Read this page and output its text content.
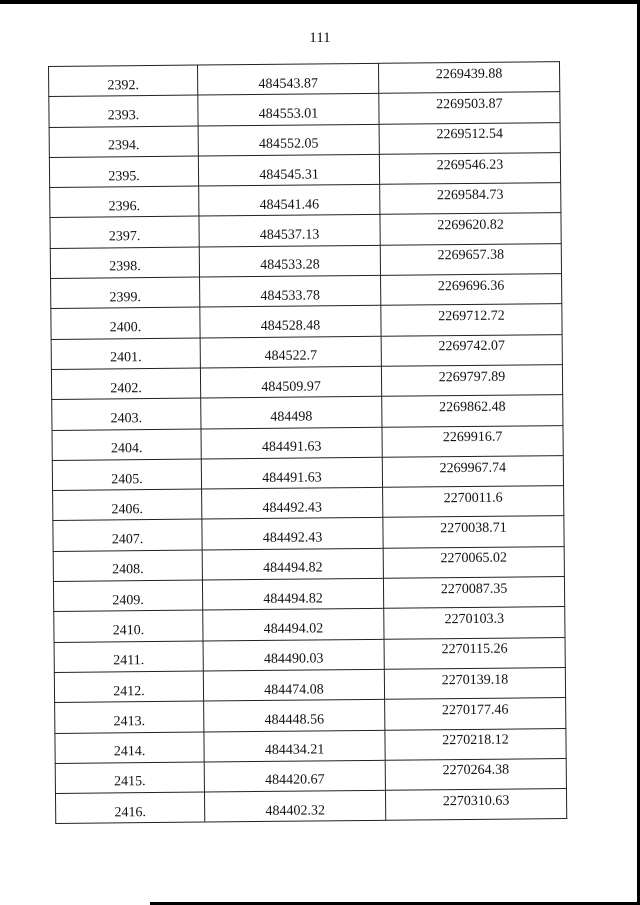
111
2392.	484543.87	2269439.88
2393.	484553.01	2269503.87
2394.	484552.05	2269512.54
2395.	484545.31	2269546.23
2396.	484541.46	2269584.73
2397.	484537.13	2269620.82
2398.	484533.28	2269657.38
2399.	484533.78	2269696.36
2400.	484528.48	2269712.72
2401.	484522.7	2269742.07
2402.	484509.97	2269797.89
2403.	484498	2269862.48
2404.	484491.63	2269916.7
2405.	484491.63	2269967.74
2406.	484492.43	2270011.6
2407.	484492.43	2270038.71
2408.	484494.82	2270065.02
2409.	484494.82	2270087.35
2410.	484494.02	2270103.3
2411.	484490.03	2270115.26
2412.	484474.08	2270139.18
2413.	484448.56	2270177.46
2414.	484434.21	2270218.12
2415.	484420.67	2270264.38
2416.	484402.32	2270310.63
